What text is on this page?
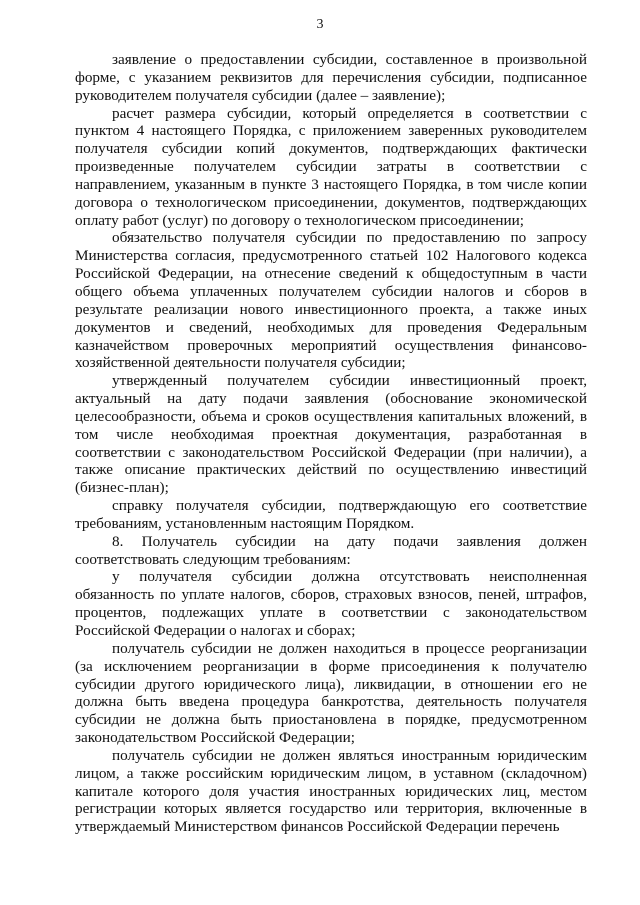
3

заявление о предоставлении субсидии, составленное в произвольной форме, с указанием реквизитов для перечисления субсидии, подписанное руководителем получателя субсидии (далее – заявление);

расчет размера субсидии, который определяется в соответствии с пунктом 4 настоящего Порядка, с приложением заверенных руководителем получателя субсидии копий документов, подтверждающих фактически произведенные получателем субсидии затраты в соответствии с направлением, указанным в пункте 3 настоящего Порядка, в том числе копии договора о технологическом присоединении, документов, подтверждающих оплату работ (услуг) по договору о технологическом присоединении;

обязательство получателя субсидии по предоставлению по запросу Министерства согласия, предусмотренного статьей 102 Налогового кодекса Российской Федерации, на отнесение сведений к общедоступным в части общего объема уплаченных получателем субсидии налогов и сборов в результате реализации нового инвестиционного проекта, а также иных документов и сведений, необходимых для проведения Федеральным казначейством проверочных мероприятий осуществления финансово-хозяйственной деятельности получателя субсидии;

утвержденный получателем субсидии инвестиционный проект, актуальный на дату подачи заявления (обоснование экономической целесообразности, объема и сроков осуществления капитальных вложений, в том числе необходимая проектная документация, разработанная в соответствии с законодательством Российской Федерации (при наличии), а также описание практических действий по осуществлению инвестиций (бизнес-план);

справку получателя субсидии, подтверждающую его соответствие требованиям, установленным настоящим Порядком.

8. Получатель субсидии на дату подачи заявления должен соответствовать следующим требованиям:

у получателя субсидии должна отсутствовать неисполненная обязанность по уплате налогов, сборов, страховых взносов, пеней, штрафов, процентов, подлежащих уплате в соответствии с законодательством Российской Федерации о налогах и сборах;

получатель субсидии не должен находиться в процессе реорганизации (за исключением реорганизации в форме присоединения к получателю субсидии другого юридического лица), ликвидации, в отношении его не должна быть введена процедура банкротства, деятельность получателя субсидии не должна быть приостановлена в порядке, предусмотренном законодательством Российской Федерации;

получатель субсидии не должен являться иностранным юридическим лицом, а также российским юридическим лицом, в уставном (складочном) капитале которого доля участия иностранных юридических лиц, местом регистрации которых является государство или территория, включенные в утверждаемый Министерством финансов Российской Федерации перечень
